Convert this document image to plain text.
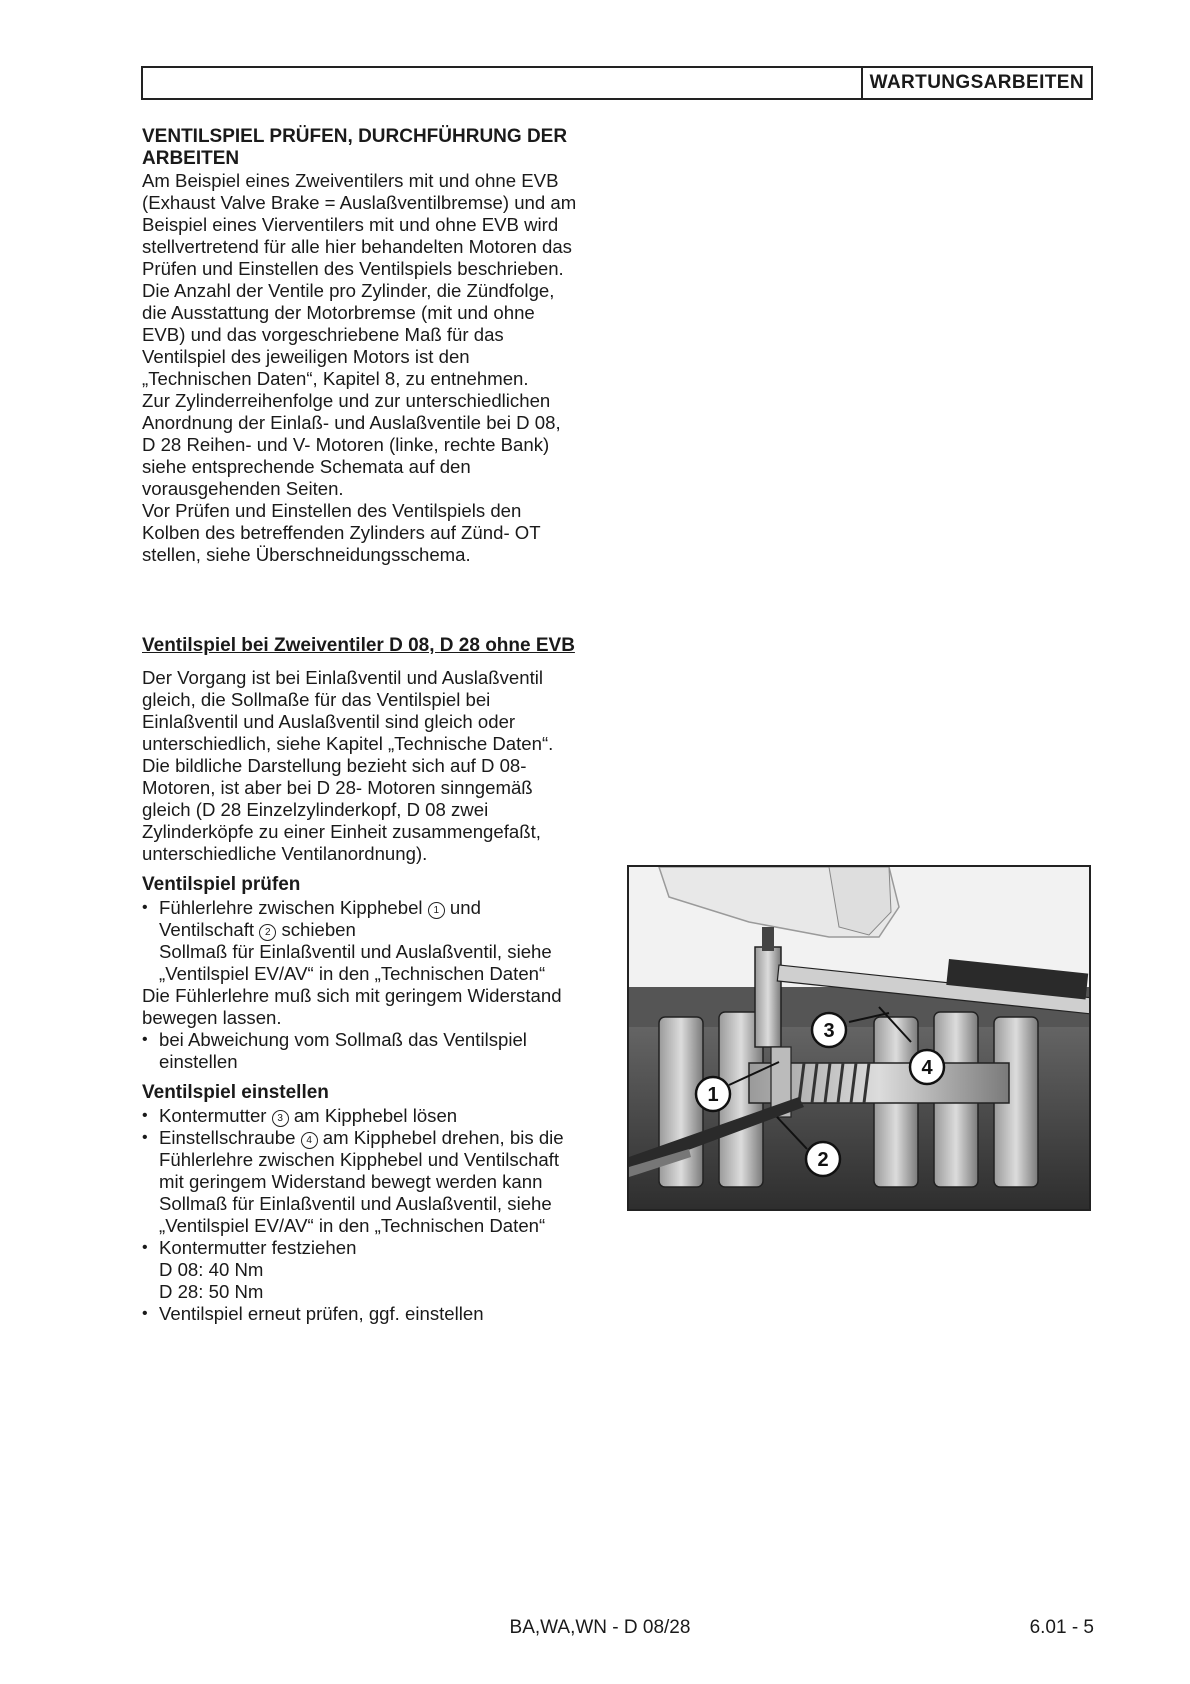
WARTUNGSARBEITEN

VENTILSPIEL PRÜFEN, DURCHFÜHRUNG DER ARBEITEN

Am Beispiel eines Zweiventilers mit und ohne EVB
(Exhaust Valve Brake = Auslaßventilbremse) und am
Beispiel eines Vierventilers mit und ohne EVB wird
stellvertretend für alle hier behandelten Motoren das
Prüfen und Einstellen des Ventilspiels beschrieben.
Die Anzahl der Ventile pro Zylinder, die Zündfolge,
die Ausstattung der Motorbremse (mit und ohne
EVB) und das vorgeschriebene Maß für das
Ventilspiel des jeweiligen Motors ist den
„Technischen Daten“, Kapitel 8, zu entnehmen.
Zur Zylinderreihenfolge und zur unterschiedlichen
Anordnung der Einlaß- und Auslaßventile bei D 08,
D 28 Reihen- und V- Motoren (linke, rechte Bank)
siehe entsprechende Schemata auf den
vorausgehenden Seiten.
Vor Prüfen und Einstellen des Ventilspiels den
Kolben des betreffenden Zylinders auf Zünd- OT
stellen, siehe Überschneidungsschema.

Ventilspiel bei Zweiventiler D 08, D 28 ohne EVB

Der Vorgang ist bei Einlaßventil und Auslaßventil
gleich, die Sollmaße für das Ventilspiel bei
Einlaßventil und Auslaßventil sind gleich oder
unterschiedlich, siehe Kapitel „Technische Daten“.
Die bildliche Darstellung bezieht sich auf D 08-
Motoren, ist aber bei D 28- Motoren sinngemäß
gleich (D 28 Einzelzylinderkopf, D 08 zwei
Zylinderköpfe zu einer Einheit zusammengefaßt,
unterschiedliche Ventilanordnung).

Ventilspiel prüfen

• Fühlerlehre zwischen Kipphebel 1 und
Ventilschaft 2 schieben
Sollmaß für Einlaßventil und Auslaßventil, siehe
„Ventilspiel EV/AV“ in den „Technischen Daten“

Die Fühlerlehre muß sich mit geringem Widerstand
bewegen lassen.

• bei Abweichung vom Sollmaß das Ventilspiel
einstellen

Ventilspiel einstellen

• Kontermutter 3 am Kipphebel lösen
• Einstellschraube 4 am Kipphebel drehen, bis die
Fühlerlehre zwischen Kipphebel und Ventilschaft
mit geringem Widerstand bewegt werden kann
Sollmaß für Einlaßventil und Auslaßventil, siehe
„Ventilspiel EV/AV“ in den „Technischen Daten“
• Kontermutter festziehen
D 08: 40 Nm
D 28: 50 Nm
• Ventilspiel erneut prüfen, ggf. einstellen
1
2
3
4
BA,WA,WN - D 08/28	6.01 - 5
